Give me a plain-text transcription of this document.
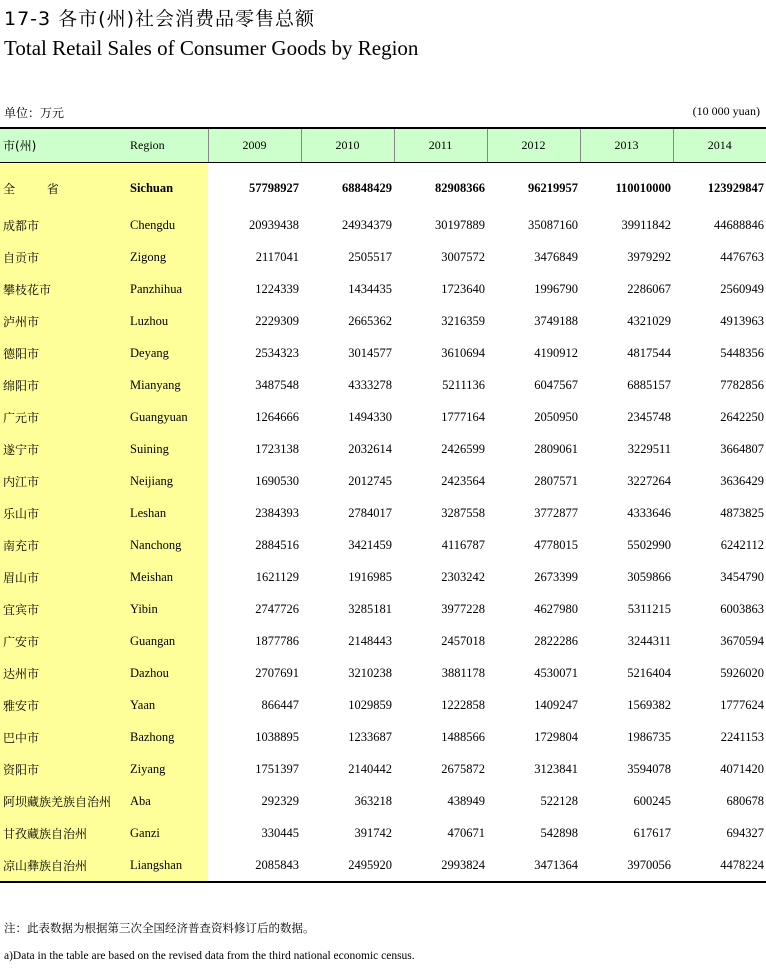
17-3 各市(州)社会消费品零售总额
Total Retail Sales of Consumer Goods by Region
单位：万元	(10 000 yuan)
市(州)	Region	2009	2010	2011	2012	2013	2014
全 省	Sichuan	57798927	68848429	82908366	96219957	110010000	123929847
成都市	Chengdu	20939438	24934379	30197889	35087160	39911842	44688846
自贡市	Zigong	2117041	2505517	3007572	3476849	3979292	4476763
攀枝花市	Panzhihua	1224339	1434435	1723640	1996790	2286067	2560949
泸州市	Luzhou	2229309	2665362	3216359	3749188	4321029	4913963
德阳市	Deyang	2534323	3014577	3610694	4190912	4817544	5448356
绵阳市	Mianyang	3487548	4333278	5211136	6047567	6885157	7782856
广元市	Guangyuan	1264666	1494330	1777164	2050950	2345748	2642250
遂宁市	Suining	1723138	2032614	2426599	2809061	3229511	3664807
内江市	Neijiang	1690530	2012745	2423564	2807571	3227264	3636429
乐山市	Leshan	2384393	2784017	3287558	3772877	4333646	4873825
南充市	Nanchong	2884516	3421459	4116787	4778015	5502990	6242112
眉山市	Meishan	1621129	1916985	2303242	2673399	3059866	3454790
宜宾市	Yibin	2747726	3285181	3977228	4627980	5311215	6003863
广安市	Guangan	1877786	2148443	2457018	2822286	3244311	3670594
达州市	Dazhou	2707691	3210238	3881178	4530071	5216404	5926020
雅安市	Yaan	866447	1029859	1222858	1409247	1569382	1777624
巴中市	Bazhong	1038895	1233687	1488566	1729804	1986735	2241153
资阳市	Ziyang	1751397	2140442	2675872	3123841	3594078	4071420
阿坝藏族羌族自治州	Aba	292329	363218	438949	522128	600245	680678
甘孜藏族自治州	Ganzi	330445	391742	470671	542898	617617	694327
凉山彝族自治州	Liangshan	2085843	2495920	2993824	3471364	3970056	4478224
注：此表数据为根据第三次全国经济普查资料修订后的数据。
a)Data in the table are based on the revised data from the third national economic census.
